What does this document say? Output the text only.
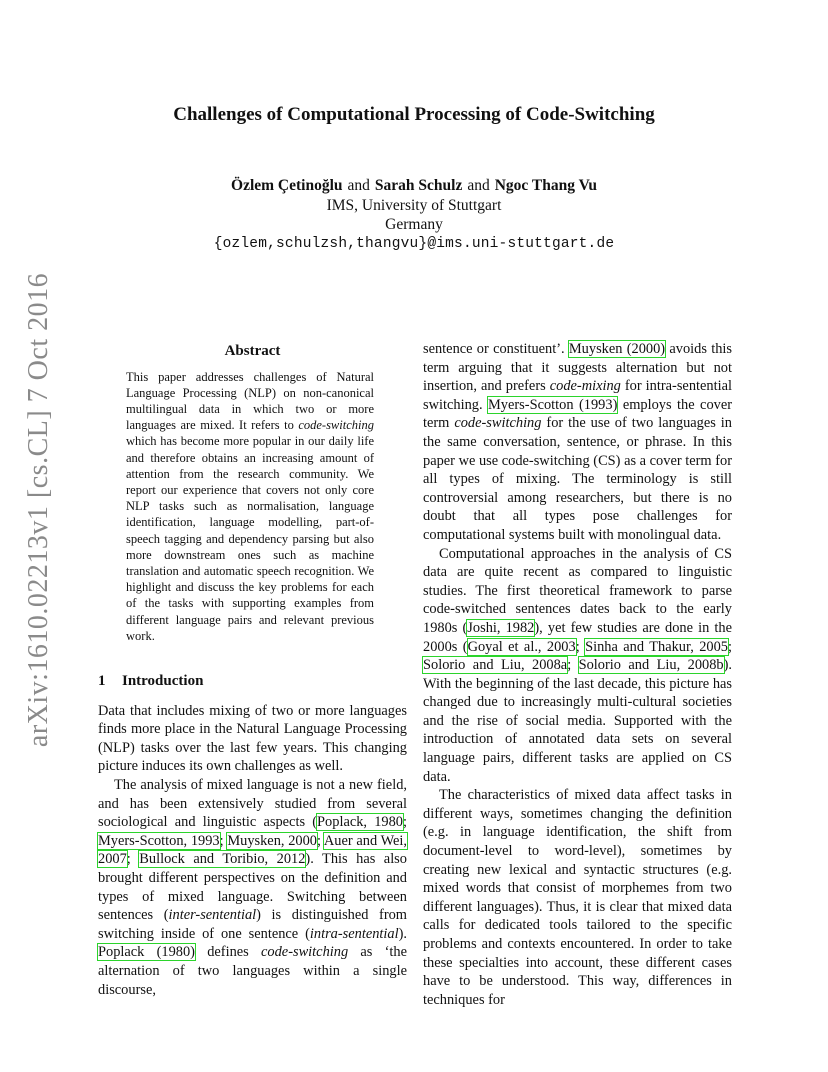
arXiv:1610.02213v1 [cs.CL] 7 Oct 2016
Challenges of Computational Processing of Code-Switching
Özlem Çetinoğlu and Sarah Schulz and Ngoc Thang Vu
IMS, University of Stuttgart
Germany
{ozlem,schulzsh,thangvu}@ims.uni-stuttgart.de
Abstract

This paper addresses challenges of Natural Language Processing (NLP) on non-canonical multilingual data in which two or more languages are mixed. It refers to code-switching which has become more popular in our daily life and therefore obtains an increasing amount of attention from the research community. We report our experience that covers not only core NLP tasks such as normalisation, language identification, language modelling, part-of-speech tagging and dependency parsing but also more downstream ones such as machine translation and automatic speech recognition. We highlight and discuss the key problems for each of the tasks with supporting examples from different language pairs and relevant previous work.

1 Introduction

Data that includes mixing of two or more languages finds more place in the Natural Language Processing (NLP) tasks over the last few years. This changing picture induces its own challenges as well.

The analysis of mixed language is not a new field, and has been extensively studied from several sociological and linguistic aspects (Poplack, 1980; Myers-Scotton, 1993; Muysken, 2000; Auer and Wei, 2007; Bullock and Toribio, 2012). This has also brought different perspectives on the definition and types of mixed language. Switching between sentences (inter-sentential) is distinguished from switching inside of one sentence (intra-sentential). Poplack (1980) defines code-switching as ‘the alternation of two languages within a single discourse,

sentence or constituent’. Muysken (2000) avoids this term arguing that it suggests alternation but not insertion, and prefers code-mixing for intra-sentential switching. Myers-Scotton (1993) employs the cover term code-switching for the use of two languages in the same conversation, sentence, or phrase. In this paper we use code-switching (CS) as a cover term for all types of mixing. The terminology is still controversial among researchers, but there is no doubt that all types pose challenges for computational systems built with monolingual data.

Computational approaches in the analysis of CS data are quite recent as compared to linguistic studies. The first theoretical framework to parse code-switched sentences dates back to the early 1980s (Joshi, 1982), yet few studies are done in the 2000s (Goyal et al., 2003; Sinha and Thakur, 2005; Solorio and Liu, 2008a; Solorio and Liu, 2008b). With the beginning of the last decade, this picture has changed due to increasingly multi-cultural societies and the rise of social media. Supported with the introduction of annotated data sets on several language pairs, different tasks are applied on CS data.

The characteristics of mixed data affect tasks in different ways, sometimes changing the definition (e.g. in language identification, the shift from document-level to word-level), sometimes by creating new lexical and syntactic structures (e.g. mixed words that consist of morphemes from two different languages). Thus, it is clear that mixed data calls for dedicated tools tailored to the specific problems and contexts encountered. In order to take these specialties into account, these different cases have to be understood. This way, differences in techniques for
